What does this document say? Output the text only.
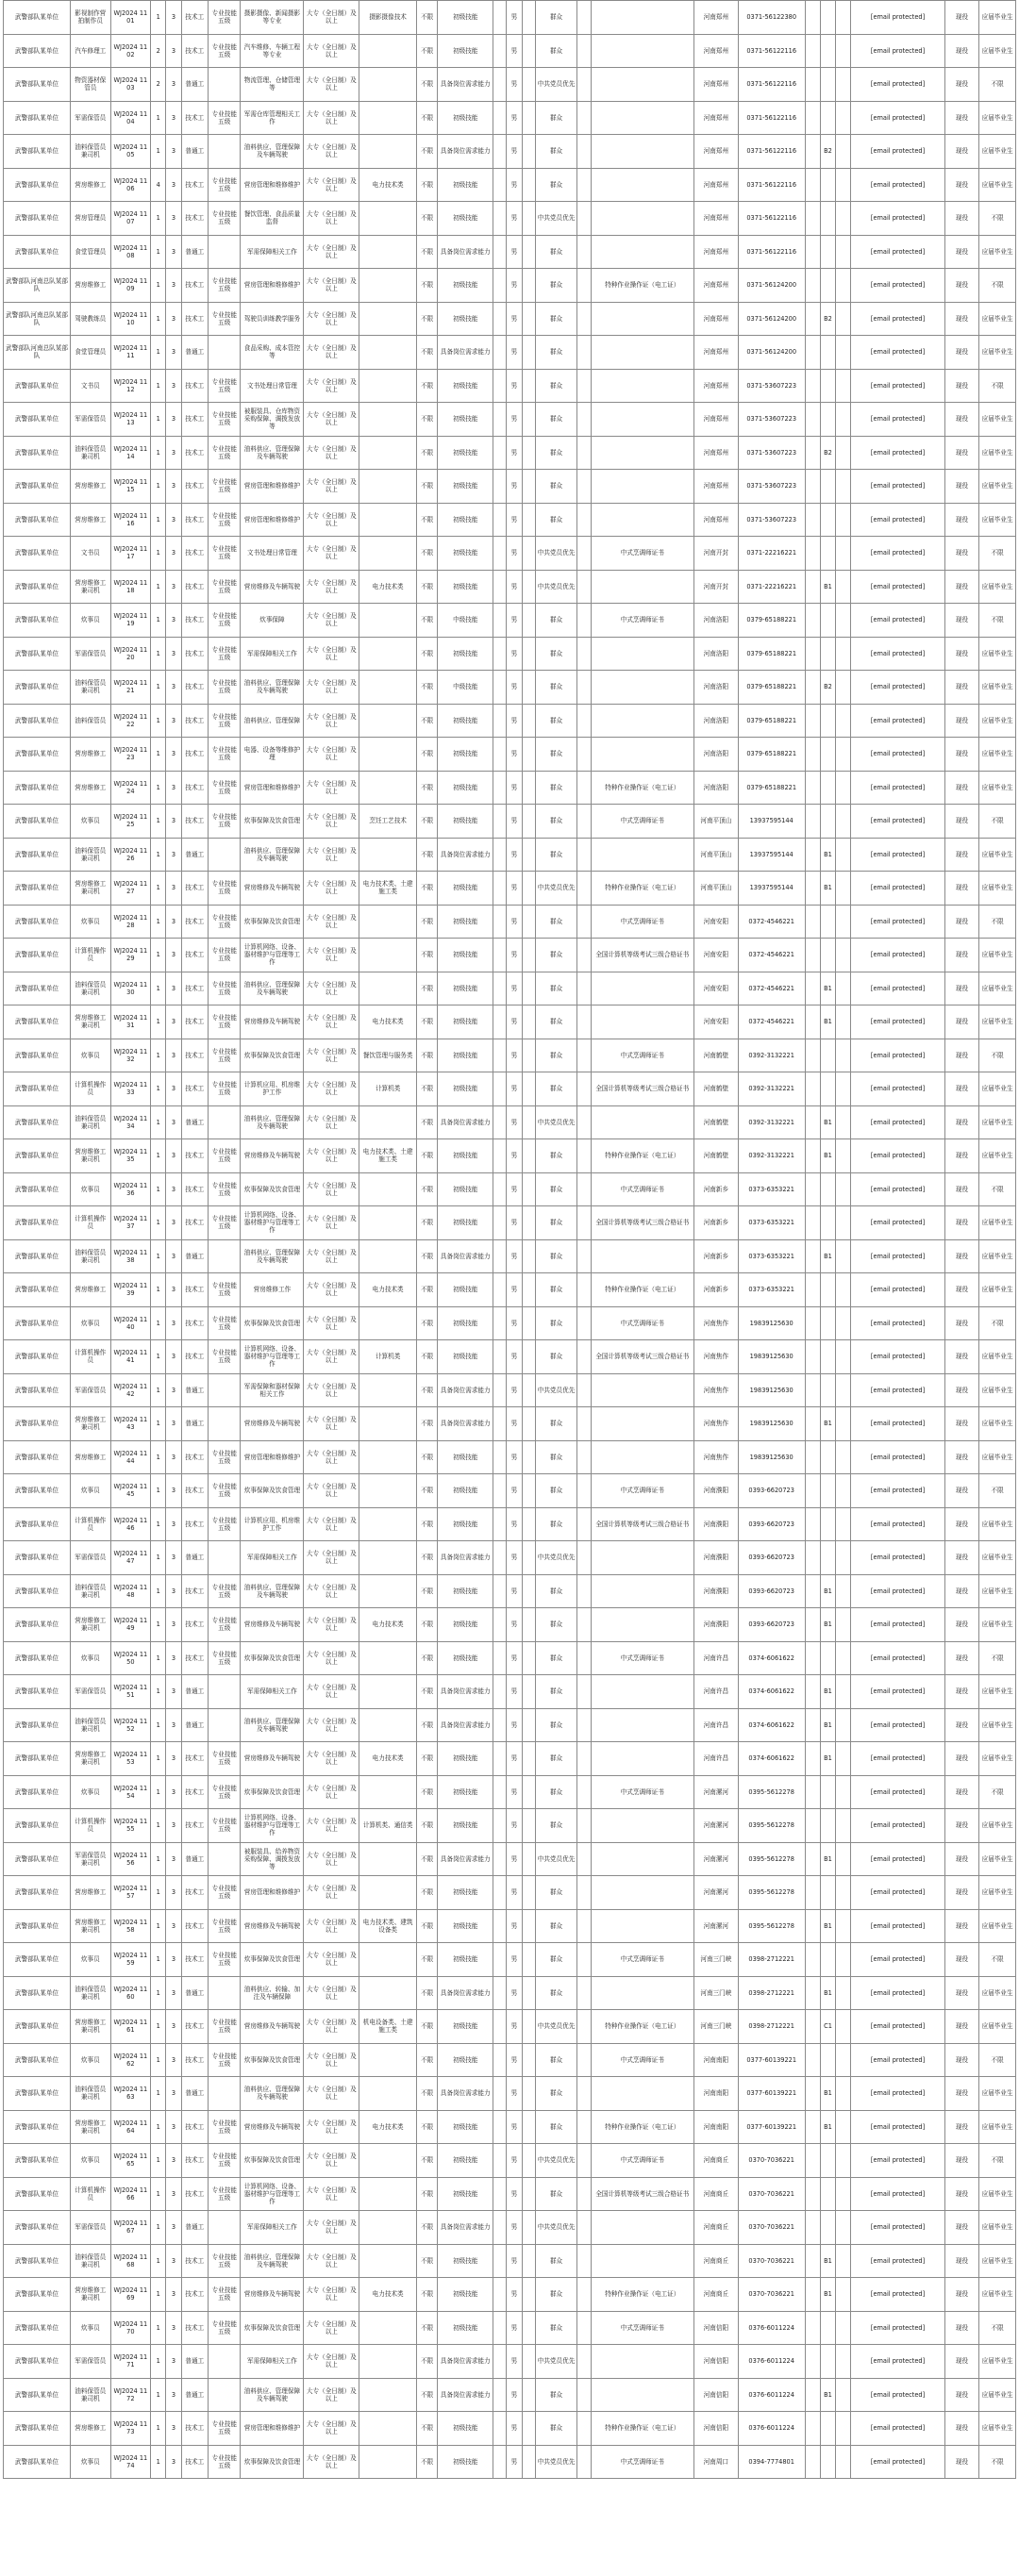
武警部队某单位	影视制作营拍制作员	WJ2024 1101	1	3	技术工	专业技能五级	摄影摄像、新闻摄影等专业	大专（全日制）及以上	摄影摄像技术	不限	初级技能		男		群众			河南郑州	0371-56122380				[email protected]	现役	应届毕业生
武警部队某单位	汽车修理工	WJ2024 1102	2	3	技术工	专业技能五级	汽车维修、车辆工程等专业	大专（全日制）及以上		不限	初级技能		男		群众			河南郑州	0371-56122116				[email protected]	现役	应届毕业生
武警部队某单位	物资器材保管员	WJ2024 1103	2	3	普通工		物流管理、仓储管理等	大专（全日制）及以上		不限	具备岗位需求能力		男		中共党员优先			河南郑州	0371-56122116				[email protected]	现役	不限
武警部队某单位	军需保管员	WJ2024 1104	1	3	技术工	专业技能五级	军需仓库管理相关工作	大专（全日制）及以上		不限	初级技能		男		群众			河南郑州	0371-56122116				[email protected]	现役	应届毕业生
武警部队某单位	油料保管员兼司机	WJ2024 1105	1	3	普通工		油料供应、管理保障及车辆驾驶	大专（全日制）及以上		不限	具备岗位需求能力		男		群众			河南郑州	0371-56122116		B2		[email protected]	现役	应届毕业生
武警部队某单位	营房维修工	WJ2024 1106	4	3	技术工	专业技能五级	营房管理和维修维护	大专（全日制）及以上	电力技术类	不限	初级技能		男		群众			河南郑州	0371-56122116				[email protected]	现役	应届毕业生
武警部队某单位	营房管理员	WJ2024 1107	1	3	技术工	专业技能五级	餐饮管理、食品质量监督	大专（全日制）及以上		不限	初级技能		男		中共党员优先			河南郑州	0371-56122116				[email protected]	现役	不限
武警部队某单位	食堂管理员	WJ2024 1108	1	3	普通工		军需保障相关工作	大专（全日制）及以上		不限	具备岗位需求能力		男		群众			河南郑州	0371-56122116				[email protected]	现役	应届毕业生
武警部队河南总队某部队	营房维修工	WJ2024 1109	1	3	技术工	专业技能五级	营房管理和维修维护	大专（全日制）及以上		不限	初级技能		男		群众		特种作业操作证（电工证）	河南郑州	0371-56124200				[email protected]	现役	不限
武警部队河南总队某部队	驾驶教练员	WJ2024 1110	1	3	技术工	专业技能五级	驾驶员训练教学服务	大专（全日制）及以上		不限	初级技能		男		群众			河南郑州	0371-56124200		B2		[email protected]	现役	应届毕业生
武警部队河南总队某部队	食堂管理员	WJ2024 1111	1	3	普通工		食品采购、成本管控等	大专（全日制）及以上		不限	具备岗位需求能力		男		群众			河南郑州	0371-56124200				[email protected]	现役	应届毕业生
武警部队某单位	文书员	WJ2024 1112	1	3	技术工	专业技能五级	文书处理日常管理	大专（全日制）及以上		不限	初级技能		男		群众			河南郑州	0371-53607223				[email protected]	现役	不限
武警部队某单位	军需保管员	WJ2024 1113	1	3	技术工	专业技能五级	被服装具、仓库物资采购保障、调拨发放等	大专（全日制）及以上		不限	初级技能		男		群众			河南郑州	0371-53607223				[email protected]	现役	应届毕业生
武警部队某单位	油料保管员兼司机	WJ2024 1114	1	3	技术工	专业技能五级	油料供应、管理保障及车辆驾驶	大专（全日制）及以上		不限	初级技能		男		群众			河南郑州	0371-53607223		B2		[email protected]	现役	应届毕业生
武警部队某单位	营房维修工	WJ2024 1115	1	3	技术工	专业技能五级	营房管理和维修维护	大专（全日制）及以上		不限	初级技能		男		群众			河南郑州	0371-53607223				[email protected]	现役	应届毕业生
武警部队某单位	营房维修工	WJ2024 1116	1	3	技术工	专业技能五级	营房管理和维修维护	大专（全日制）及以上		不限	初级技能		男		群众			河南郑州	0371-53607223				[email protected]	现役	应届毕业生
武警部队某单位	文书员	WJ2024 1117	1	3	技术工	专业技能五级	文书处理日常管理	大专（全日制）及以上		不限	初级技能		男		中共党员优先		中式烹调师证书	河南开封	0371-22216221				[email protected]	现役	不限
武警部队某单位	营房维修工兼司机	WJ2024 1118	1	3	技术工	专业技能五级	营房维修及车辆驾驶	大专（全日制）及以上	电力技术类	不限	初级技能		男		中共党员优先			河南开封	0371-22216221		B1		[email protected]	现役	应届毕业生
武警部队某单位	炊事员	WJ2024 1119	1	3	技术工	专业技能五级	炊事保障	大专（全日制）及以上		不限	中级技能		男		群众		中式烹调师证书	河南洛阳	0379-65188221				[email protected]	现役	不限
武警部队某单位	军需保管员	WJ2024 1120	1	3	技术工	专业技能五级	军需保障相关工作	大专（全日制）及以上		不限	初级技能		男		群众			河南洛阳	0379-65188221				[email protected]	现役	应届毕业生
武警部队某单位	油料保管员兼司机	WJ2024 1121	1	3	技术工	专业技能五级	油料供应、管理保障及车辆驾驶	大专（全日制）及以上		不限	中级技能		男		群众			河南洛阳	0379-65188221		B2		[email protected]	现役	应届毕业生
武警部队某单位	油料保管员	WJ2024 1122	1	3	技术工	专业技能五级	油料供应、管理保障	大专（全日制）及以上		不限	初级技能		男		群众			河南洛阳	0379-65188221				[email protected]	现役	应届毕业生
武警部队某单位	营房维修工	WJ2024 1123	1	3	技术工	专业技能五级	电器、设备等维修护理	大专（全日制）及以上		不限	初级技能		男		群众			河南洛阳	0379-65188221				[email protected]	现役	应届毕业生
武警部队某单位	营房维修工	WJ2024 1124	1	3	技术工	专业技能五级	营房管理和维修维护	大专（全日制）及以上		不限	初级技能		男		群众		特种作业操作证（电工证）	河南洛阳	0379-65188221				[email protected]	现役	应届毕业生
武警部队某单位	炊事员	WJ2024 1125	1	3	技术工	专业技能五级	炊事保障及饮食管理	大专（全日制）及以上	烹饪工艺技术	不限	初级技能		男		群众		中式烹调师证书	河南平顶山	13937595144				[email protected]	现役	不限
武警部队某单位	油料保管员兼司机	WJ2024 1126	1	3	普通工		油料供应、管理保障及车辆驾驶	大专（全日制）及以上		不限	具备岗位需求能力		男		群众			河南平顶山	13937595144		B1		[email protected]	现役	应届毕业生
武警部队某单位	营房维修工兼司机	WJ2024 1127	1	3	技术工	专业技能五级	营房维修及车辆驾驶	大专（全日制）及以上	电力技术类、土建施工类	不限	初级技能		男		中共党员优先		特种作业操作证（电工证）	河南平顶山	13937595144		B1		[email protected]	现役	应届毕业生
武警部队某单位	炊事员	WJ2024 1128	1	3	技术工	专业技能五级	炊事保障及饮食管理	大专（全日制）及以上		不限	初级技能		男		群众		中式烹调师证书	河南安阳	0372-4546221				[email protected]	现役	不限
武警部队某单位	计算机操作员	WJ2024 1129	1	3	技术工	专业技能五级	计算机网络、设备、器材维护与管理等工作	大专（全日制）及以上		不限	初级技能		男		群众		全国计算机等级考试三级合格证书	河南安阳	0372-4546221				[email protected]	现役	应届毕业生
武警部队某单位	油料保管员兼司机	WJ2024 1130	1	3	技术工	专业技能五级	油料供应、管理保障及车辆驾驶	大专（全日制）及以上		不限	初级技能		男		群众			河南安阳	0372-4546221		B1		[email protected]	现役	应届毕业生
武警部队某单位	营房维修工兼司机	WJ2024 1131	1	3	技术工	专业技能五级	营房维修及车辆驾驶	大专（全日制）及以上	电力技术类	不限	初级技能		男		群众			河南安阳	0372-4546221		B1		[email protected]	现役	应届毕业生
武警部队某单位	炊事员	WJ2024 1132	1	3	技术工	专业技能五级	炊事保障及饮食管理	大专（全日制）及以上	餐饮管理与服务类	不限	初级技能		男		群众		中式烹调师证书	河南鹤壁	0392-3132221				[email protected]	现役	不限
武警部队某单位	计算机操作员	WJ2024 1133	1	3	技术工	专业技能五级	计算机应用、机房维护工作	大专（全日制）及以上	计算机类	不限	初级技能		男		群众		全国计算机等级考试三级合格证书	河南鹤壁	0392-3132221				[email protected]	现役	应届毕业生
武警部队某单位	油料保管员兼司机	WJ2024 1134	1	3	普通工		油料供应、管理保障及车辆驾驶	大专（全日制）及以上		不限	具备岗位需求能力		男		中共党员优先			河南鹤壁	0392-3132221		B1		[email protected]	现役	应届毕业生
武警部队某单位	营房维修工兼司机	WJ2024 1135	1	3	技术工	专业技能五级	营房维修及车辆驾驶	大专（全日制）及以上	电力技术类、土建施工类	不限	初级技能		男		群众		特种作业操作证（电工证）	河南鹤壁	0392-3132221		B1		[email protected]	现役	应届毕业生
武警部队某单位	炊事员	WJ2024 1136	1	3	技术工	专业技能五级	炊事保障及饮食管理	大专（全日制）及以上		不限	初级技能		男		群众		中式烹调师证书	河南新乡	0373-6353221				[email protected]	现役	不限
武警部队某单位	计算机操作员	WJ2024 1137	1	3	技术工	专业技能五级	计算机网络、设备、器材维护与管理等工作	大专（全日制）及以上		不限	初级技能		男		群众		全国计算机等级考试三级合格证书	河南新乡	0373-6353221				[email protected]	现役	应届毕业生
武警部队某单位	油料保管员兼司机	WJ2024 1138	1	3	普通工		油料供应、管理保障及车辆驾驶	大专（全日制）及以上		不限	具备岗位需求能力		男		群众			河南新乡	0373-6353221		B1		[email protected]	现役	应届毕业生
武警部队某单位	营房维修工	WJ2024 1139	1	3	技术工	专业技能五级	营房维修工作	大专（全日制）及以上	电力技术类	不限	初级技能		男		群众		特种作业操作证（电工证）	河南新乡	0373-6353221				[email protected]	现役	应届毕业生
武警部队某单位	炊事员	WJ2024 1140	1	3	技术工	专业技能五级	炊事保障及饮食管理	大专（全日制）及以上		不限	初级技能		男		群众		中式烹调师证书	河南焦作	19839125630				[email protected]	现役	不限
武警部队某单位	计算机操作员	WJ2024 1141	1	3	技术工	专业技能五级	计算机网络、设备、器材维护与管理等工作	大专（全日制）及以上	计算机类	不限	初级技能		男		群众		全国计算机等级考试三级合格证书	河南焦作	19839125630				[email protected]	现役	应届毕业生
武警部队某单位	军需保管员	WJ2024 1142	1	3	普通工		军需保障和器材保障相关工作	大专（全日制）及以上		不限	具备岗位需求能力		男		中共党员优先			河南焦作	19839125630				[email protected]	现役	应届毕业生
武警部队某单位	营房维修工兼司机	WJ2024 1143	1	3	普通工		营房维修及车辆驾驶	大专（全日制）及以上		不限	具备岗位需求能力		男		群众			河南焦作	19839125630		B1		[email protected]	现役	应届毕业生
武警部队某单位	营房维修工	WJ2024 1144	1	3	技术工	专业技能五级	营房管理和维修维护	大专（全日制）及以上		不限	初级技能		男		群众			河南焦作	19839125630				[email protected]	现役	应届毕业生
武警部队某单位	炊事员	WJ2024 1145	1	3	技术工	专业技能五级	炊事保障及饮食管理	大专（全日制）及以上		不限	初级技能		男		群众		中式烹调师证书	河南濮阳	0393-6620723				[email protected]	现役	不限
武警部队某单位	计算机操作员	WJ2024 1146	1	3	技术工	专业技能五级	计算机应用、机房维护工作	大专（全日制）及以上		不限	初级技能		男		群众		全国计算机等级考试三级合格证书	河南濮阳	0393-6620723				[email protected]	现役	应届毕业生
武警部队某单位	军需保管员	WJ2024 1147	1	3	普通工		军需保障相关工作	大专（全日制）及以上		不限	具备岗位需求能力		男		中共党员优先			河南濮阳	0393-6620723				[email protected]	现役	应届毕业生
武警部队某单位	油料保管员兼司机	WJ2024 1148	1	3	技术工	专业技能五级	油料供应、管理保障及车辆驾驶	大专（全日制）及以上		不限	初级技能		男		群众			河南濮阳	0393-6620723		B1		[email protected]	现役	应届毕业生
武警部队某单位	营房维修工兼司机	WJ2024 1149	1	3	技术工	专业技能五级	营房维修及车辆驾驶	大专（全日制）及以上	电力技术类	不限	初级技能		男		群众			河南濮阳	0393-6620723		B1		[email protected]	现役	应届毕业生
武警部队某单位	炊事员	WJ2024 1150	1	3	技术工	专业技能五级	炊事保障及饮食管理	大专（全日制）及以上		不限	初级技能		男		群众		中式烹调师证书	河南许昌	0374-6061622				[email protected]	现役	不限
武警部队某单位	军需保管员	WJ2024 1151	1	3	普通工		军需保障相关工作	大专（全日制）及以上		不限	具备岗位需求能力		男		群众			河南许昌	0374-6061622		B1		[email protected]	现役	应届毕业生
武警部队某单位	油料保管员兼司机	WJ2024 1152	1	3	普通工		油料供应、管理保障及车辆驾驶	大专（全日制）及以上		不限	具备岗位需求能力		男		群众			河南许昌	0374-6061622		B1		[email protected]	现役	应届毕业生
武警部队某单位	营房维修工兼司机	WJ2024 1153	1	3	技术工	专业技能五级	营房维修及车辆驾驶	大专（全日制）及以上	电力技术类	不限	初级技能		男		群众			河南许昌	0374-6061622		B1		[email protected]	现役	应届毕业生
武警部队某单位	炊事员	WJ2024 1154	1	3	技术工	专业技能五级	炊事保障及饮食管理	大专（全日制）及以上		不限	初级技能		男		群众		中式烹调师证书	河南漯河	0395-5612278				[email protected]	现役	不限
武警部队某单位	计算机操作员	WJ2024 1155	1	3	技术工	专业技能五级	计算机网络、设备、器材维护与管理等工作	大专（全日制）及以上	计算机类、通信类	不限	初级技能		男		群众			河南漯河	0395-5612278				[email protected]	现役	应届毕业生
武警部队某单位	军需保管员兼司机	WJ2024 1156	1	3	普通工		被服装具、给养物资采购保障、调拨发放等	大专（全日制）及以上		不限	具备岗位需求能力		男		中共党员优先			河南漯河	0395-5612278		B1		[email protected]	现役	应届毕业生
武警部队某单位	营房维修工	WJ2024 1157	1	3	技术工	专业技能五级	营房管理和维修维护	大专（全日制）及以上		不限	初级技能		男		群众			河南漯河	0395-5612278				[email protected]	现役	应届毕业生
武警部队某单位	营房维修工兼司机	WJ2024 1158	1	3	技术工	专业技能五级	营房维修及车辆驾驶	大专（全日制）及以上	电力技术类、建筑设备类	不限	初级技能		男		群众			河南漯河	0395-5612278		B1		[email protected]	现役	应届毕业生
武警部队某单位	炊事员	WJ2024 1159	1	3	技术工	专业技能五级	炊事保障及饮食管理	大专（全日制）及以上		不限	初级技能		男		群众		中式烹调师证书	河南三门峡	0398-2712221				[email protected]	现役	不限
武警部队某单位	油料保管员兼司机	WJ2024 1160	1	3	普通工		油料供应、转输、加注及车辆保障	大专（全日制）及以上		不限	具备岗位需求能力		男		群众			河南三门峡	0398-2712221		B1		[email protected]	现役	应届毕业生
武警部队某单位	营房维修工兼司机	WJ2024 1161	1	3	技术工	专业技能五级	营房维修及车辆驾驶	大专（全日制）及以上	机电设备类、土建施工类	不限	初级技能		男		中共党员优先		特种作业操作证（电工证）	河南三门峡	0398-2712221		C1		[email protected]	现役	应届毕业生
武警部队某单位	炊事员	WJ2024 1162	1	3	技术工	专业技能五级	炊事保障及饮食管理	大专（全日制）及以上		不限	初级技能		男		群众		中式烹调师证书	河南南阳	0377-60139221				[email protected]	现役	不限
武警部队某单位	油料保管员兼司机	WJ2024 1163	1	3	普通工		油料供应、管理保障及车辆驾驶	大专（全日制）及以上		不限	具备岗位需求能力		男		群众			河南南阳	0377-60139221		B1		[email protected]	现役	应届毕业生
武警部队某单位	营房维修工兼司机	WJ2024 1164	1	3	技术工	专业技能五级	营房维修及车辆驾驶	大专（全日制）及以上	电力技术类	不限	初级技能		男		群众		特种作业操作证（电工证）	河南南阳	0377-60139221		B1		[email protected]	现役	应届毕业生
武警部队某单位	炊事员	WJ2024 1165	1	3	技术工	专业技能五级	炊事保障及饮食管理	大专（全日制）及以上		不限	初级技能		男		中共党员优先		中式烹调师证书	河南商丘	0370-7036221				[email protected]	现役	不限
武警部队某单位	计算机操作员	WJ2024 1166	1	3	技术工	专业技能五级	计算机网络、设备、器材维护与管理等工作	大专（全日制）及以上		不限	初级技能		男		群众		全国计算机等级考试三级合格证书	河南商丘	0370-7036221				[email protected]	现役	应届毕业生
武警部队某单位	军需保管员	WJ2024 1167	1	3	普通工		军需保障相关工作	大专（全日制）及以上		不限	具备岗位需求能力		男		中共党员优先			河南商丘	0370-7036221				[email protected]	现役	应届毕业生
武警部队某单位	油料保管员兼司机	WJ2024 1168	1	3	技术工	专业技能五级	油料供应、管理保障及车辆驾驶	大专（全日制）及以上		不限	初级技能		男		群众			河南商丘	0370-7036221		B1		[email protected]	现役	应届毕业生
武警部队某单位	营房维修工兼司机	WJ2024 1169	1	3	技术工	专业技能五级	营房维修及车辆驾驶	大专（全日制）及以上	电力技术类	不限	初级技能		男		群众		特种作业操作证（电工证）	河南商丘	0370-7036221		B1		[email protected]	现役	应届毕业生
武警部队某单位	炊事员	WJ2024 1170	1	3	技术工	专业技能五级	炊事保障及饮食管理	大专（全日制）及以上		不限	初级技能		男		群众		中式烹调师证书	河南信阳	0376-6011224				[email protected]	现役	不限
武警部队某单位	军需保管员	WJ2024 1171	1	3	普通工		军需保障相关工作	大专（全日制）及以上		不限	具备岗位需求能力		男		中共党员优先			河南信阳	0376-6011224				[email protected]	现役	应届毕业生
武警部队某单位	油料保管员兼司机	WJ2024 1172	1	3	普通工		油料供应、管理保障及车辆驾驶	大专（全日制）及以上		不限	具备岗位需求能力		男		群众			河南信阳	0376-6011224		B1		[email protected]	现役	应届毕业生
武警部队某单位	营房维修工	WJ2024 1173	1	3	技术工	专业技能五级	营房管理和维修维护	大专（全日制）及以上		不限	初级技能		男		群众		特种作业操作证（电工证）	河南信阳	0376-6011224				[email protected]	现役	应届毕业生
武警部队某单位	炊事员	WJ2024 1174	1	3	技术工	专业技能五级	炊事保障及饮食管理	大专（全日制）及以上		不限	初级技能		男		中共党员优先		中式烹调师证书	河南周口	0394-7774801				[email protected]	现役	不限
